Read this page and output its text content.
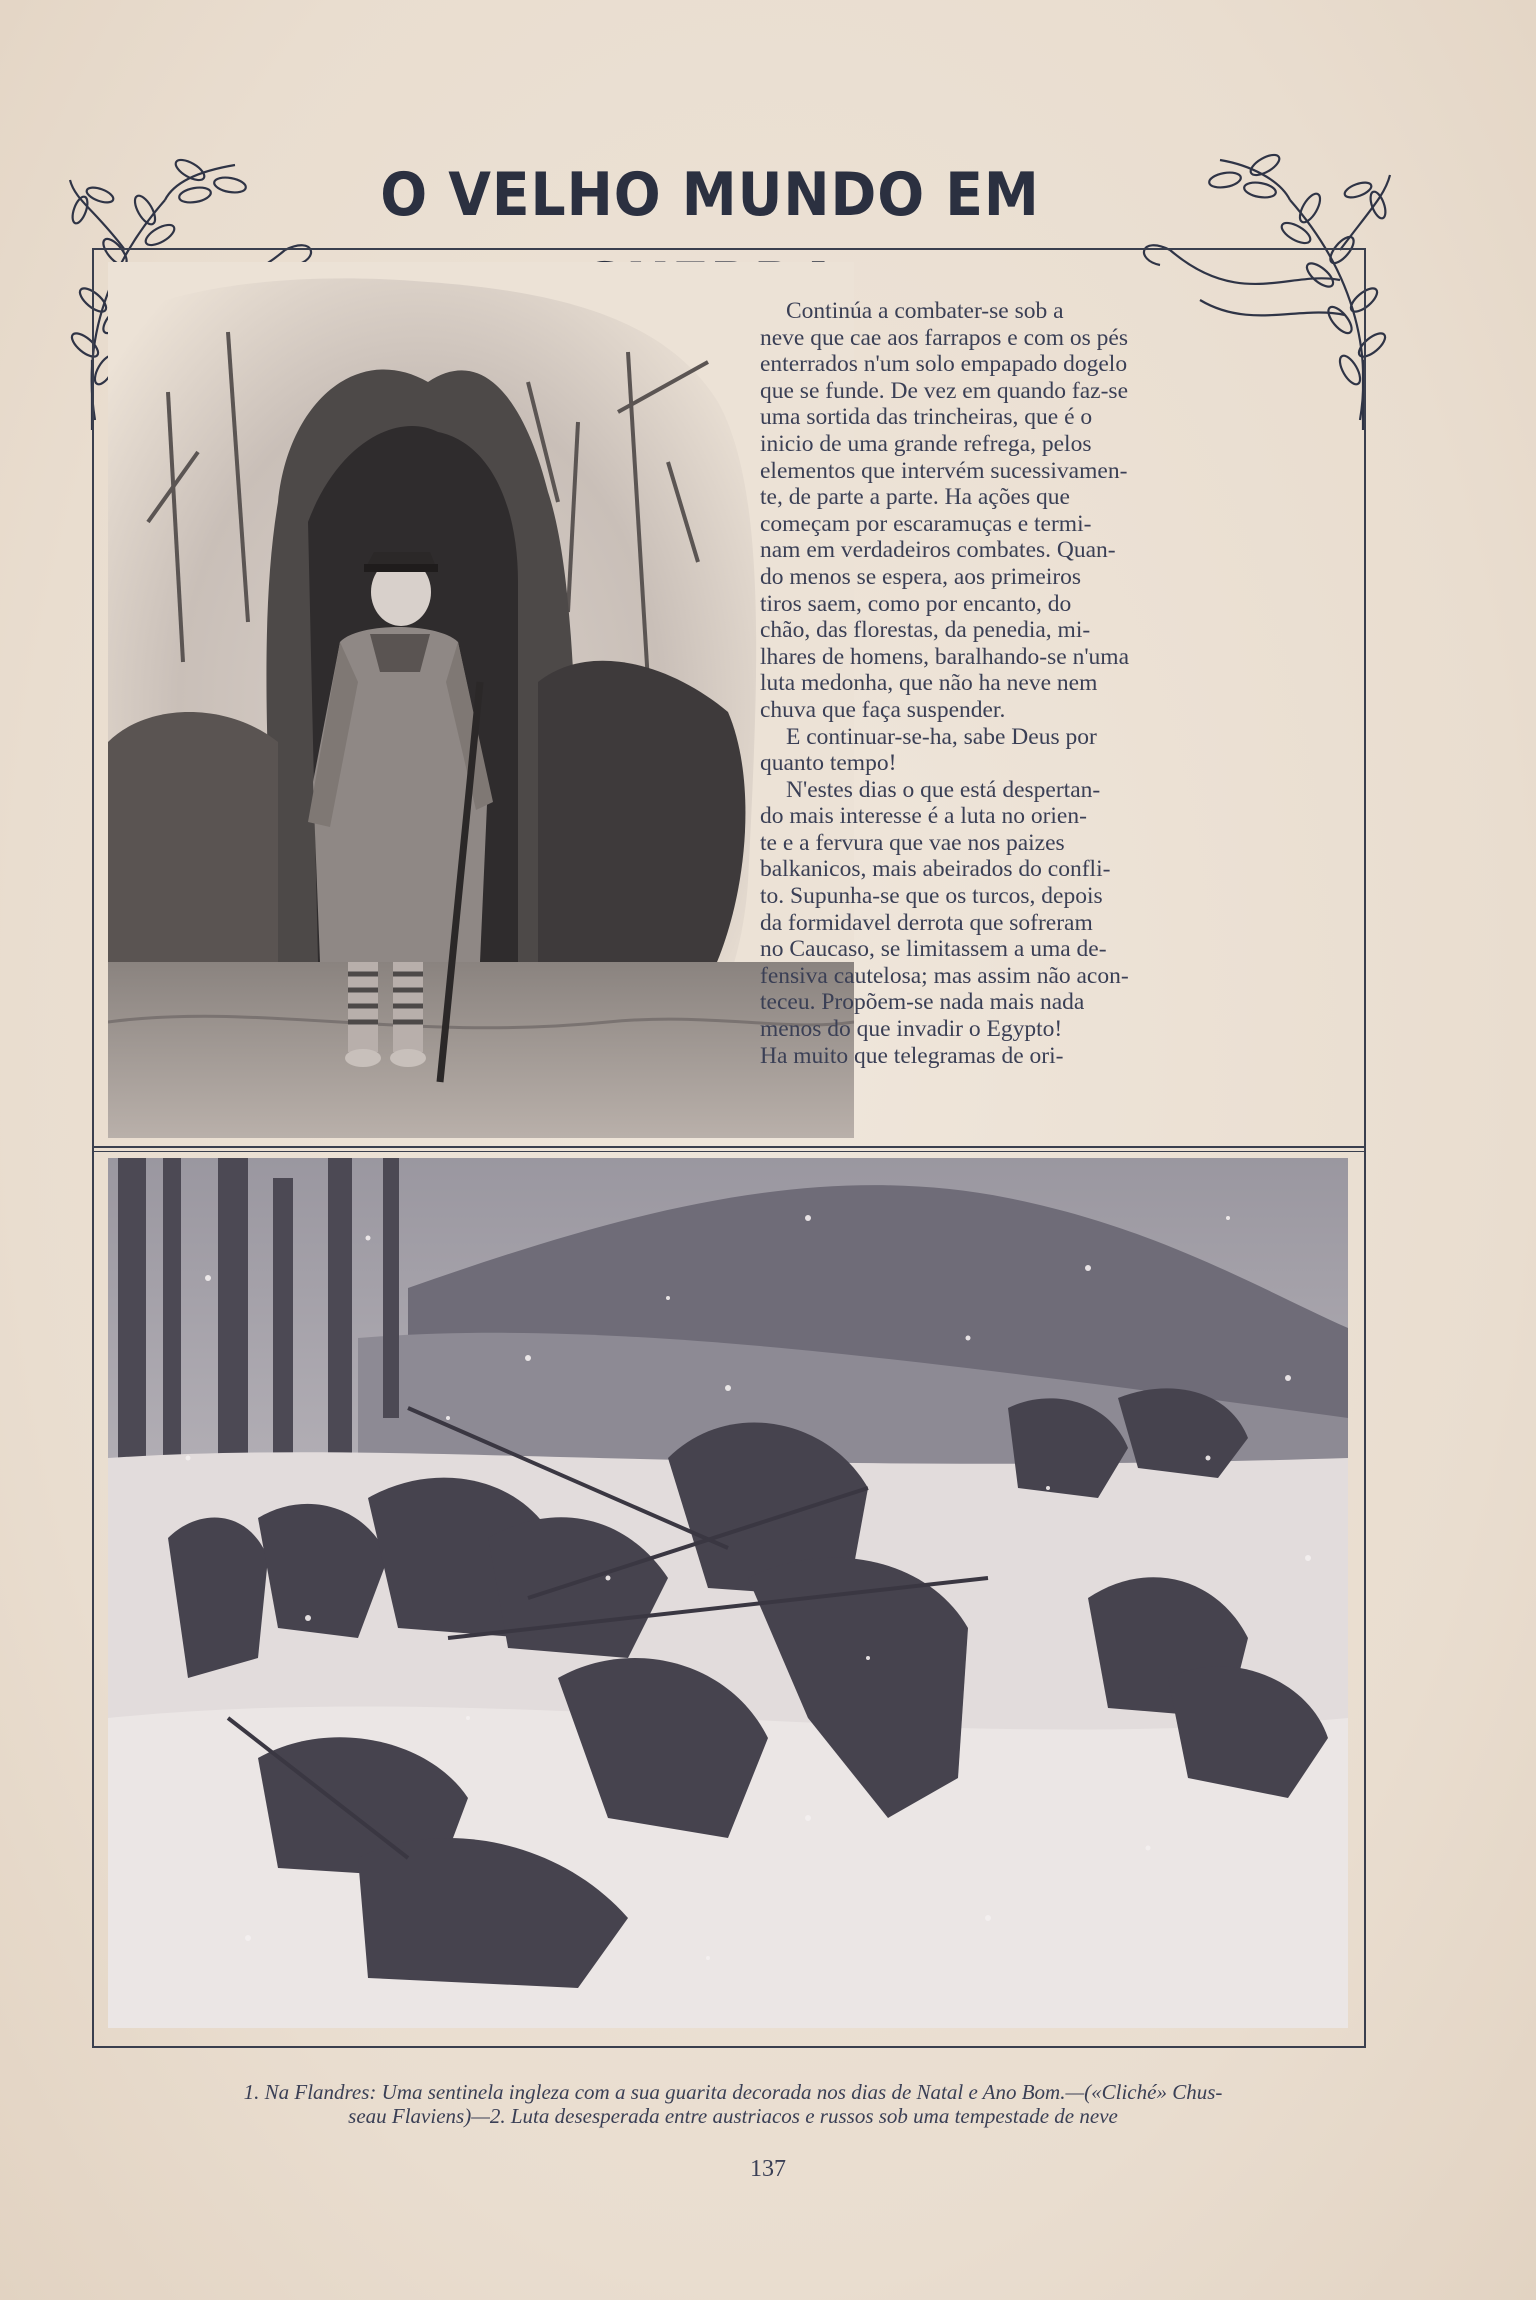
O VELHO MUNDO EM
Continúa a combater-se sob a
neve que cae aos farrapos e com os pés
enterrados n'um solo empapado dogelo
que se funde. De vez em quando faz-se
uma sortida das trincheiras, que é o
inicio de uma grande refrega, pelos
elementos que intervém sucessivamen-
te, de parte a parte. Ha ações que
começam por escaramuças e termi-
nam em verdadeiros combates. Quan-
do menos se espera, aos primeiros
tiros saem, como por encanto, do
chão, das florestas, da penedia, mi-
lhares de homens, baralhando-se n'uma
luta medonha, que não ha neve nem
chuva que faça suspender.
E continuar-se-ha, sabe Deus por
quanto tempo!
N'estes dias o que está despertan-
do mais interesse é a luta no orien-
te e a fervura que vae nos paizes
balkanicos, mais abeirados do confli-
to. Supunha-se que os turcos, depois
da formidavel derrota que sofreram
no Caucaso, se limitassem a uma de-
fensiva cautelosa; mas assim não acon-
teceu. Propõem-se nada mais nada
menos do que invadir o Egypto!
Ha muito que telegramas de ori-
1. Na Flandres: Uma sentinela ingleza com a sua guarita decorada nos dias de Natal e Ano Bom.—(«Cliché» Chus-
seau Flaviens)—2. Luta desesperada entre austriacos e russos sob uma tempestade de neve
137
